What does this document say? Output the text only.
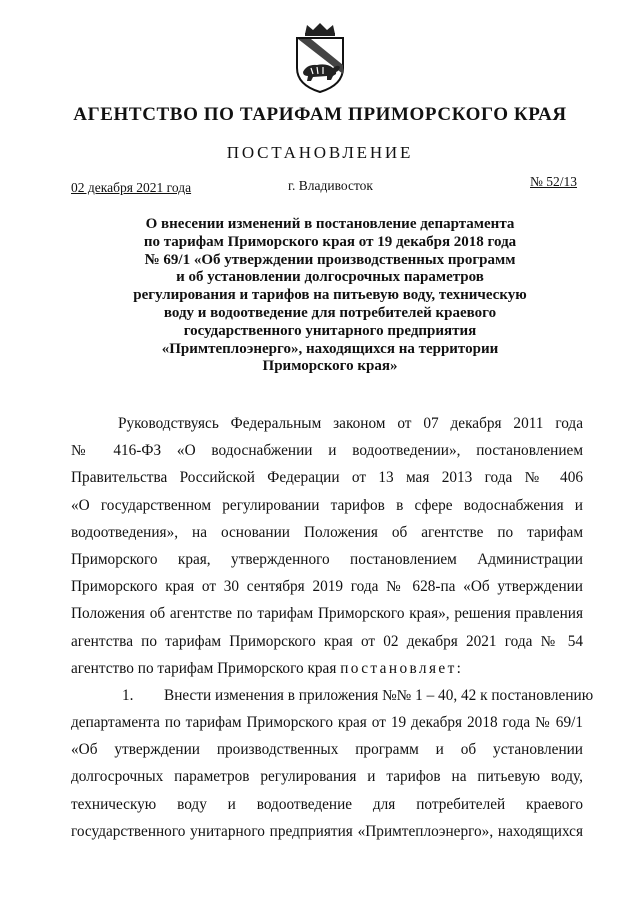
АГЕНТСТВО ПО ТАРИФАМ ПРИМОРСКОГО КРАЯ
ПОСТАНОВЛЕНИЕ
02 декабря 2021 года	г. Владивосток	№ 52/13
О внесении изменений в постановление департамента
по тарифам Приморского края от 19 декабря 2018 года
№ 69/1 «Об утверждении производственных программ
и об установлении долгосрочных параметров
регулирования и тарифов на питьевую воду, техническую
воду и водоотведение для потребителей краевого
государственного унитарного предприятия
«Примтеплоэнерго», находящихся на территории
Приморского края»
Руководствуясь Федеральным законом от 07 декабря 2011 года
№ 416-ФЗ «О водоснабжении и водоотведении», постановлением
Правительства Российской Федерации от 13 мая 2013 года № 406
«О государственном регулировании тарифов в сфере водоснабжения и
водоотведения», на основании Положения об агентстве по тарифам
Приморского края, утвержденного постановлением Администрации
Приморского края от 30 сентября 2019 года № 628-па «Об утверждении
Положения об агентстве по тарифам Приморского края», решения правления
агентства по тарифам Приморского края от 02 декабря 2021 года № 54
агентство по тарифам Приморского края постановляет:
1. Внести изменения в приложения №№ 1 – 40, 42 к постановлению
департамента по тарифам Приморского края от 19 декабря 2018 года № 69/1
«Об утверждении производственных программ и об установлении
долгосрочных параметров регулирования и тарифов на питьевую воду,
техническую воду и водоотведение для потребителей краевого
государственного унитарного предприятия «Примтеплоэнерго», находящихся
